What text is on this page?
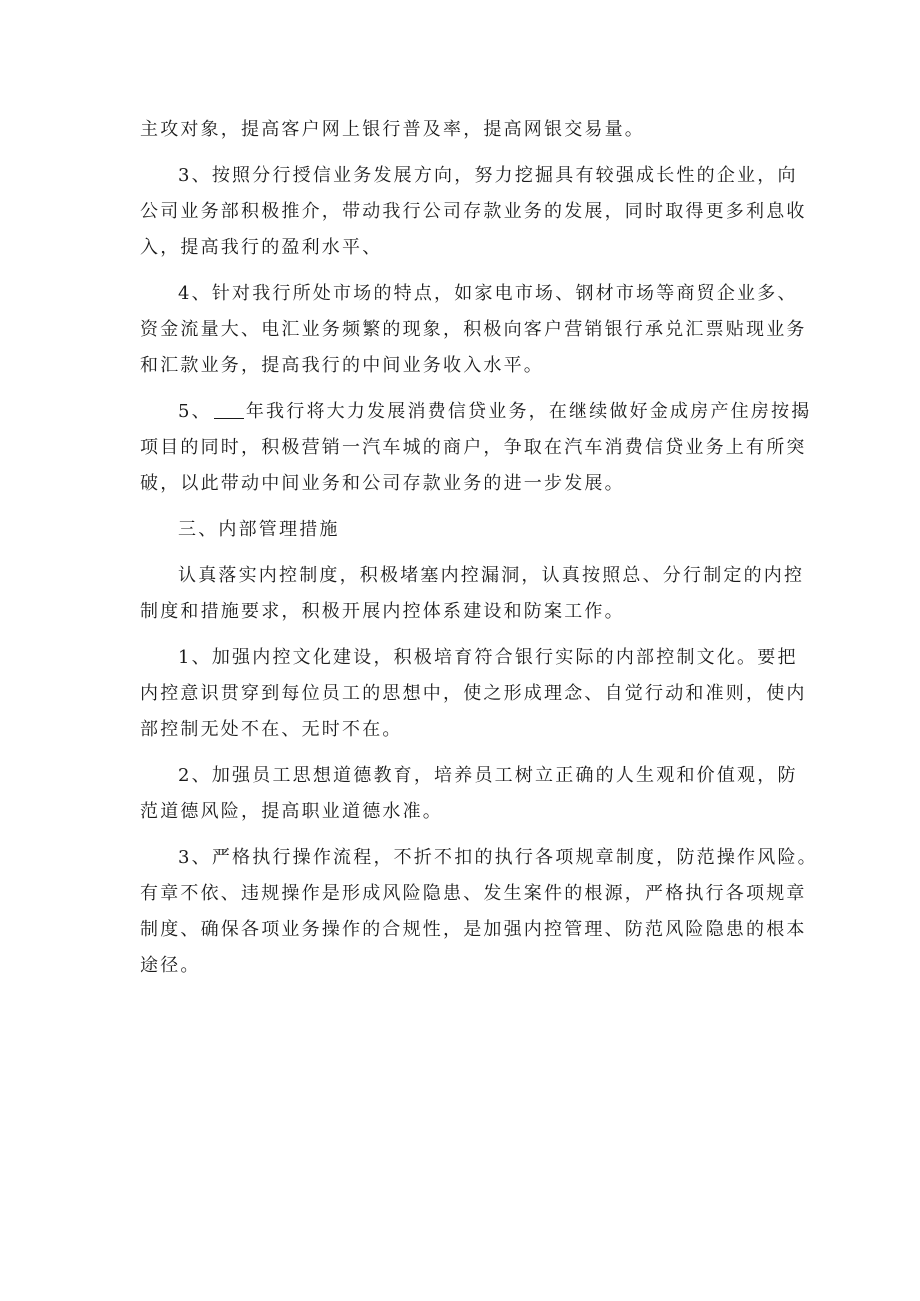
主攻对象，提高客户网上银行普及率，提高网银交易量。
3、按照分行授信业务发展方向，努力挖掘具有较强成长性的企业，向
公司业务部积极推介，带动我行公司存款业务的发展，同时取得更多利息收
入，提高我行的盈利水平、
4、针对我行所处市场的特点，如家电市场、钢材市场等商贸企业多、
资金流量大、电汇业务频繁的现象，积极向客户营销银行承兑汇票贴现业务
和汇款业务，提高我行的中间业务收入水平。
5、 年我行将大力发展消费信贷业务，在继续做好金成房产住房按揭
项目的同时，积极营销一汽车城的商户，争取在汽车消费信贷业务上有所突
破，以此带动中间业务和公司存款业务的进一步发展。
三、内部管理措施
认真落实内控制度，积极堵塞内控漏洞，认真按照总、分行制定的内控
制度和措施要求，积极开展内控体系建设和防案工作。
1、加强内控文化建设，积极培育符合银行实际的内部控制文化。要把
内控意识贯穿到每位员工的思想中，使之形成理念、自觉行动和准则，使内
部控制无处不在、无时不在。
2、加强员工思想道德教育，培养员工树立正确的人生观和价值观，防
范道德风险，提高职业道德水准。
3、严格执行操作流程，不折不扣的执行各项规章制度，防范操作风险。
有章不依、违规操作是形成风险隐患、发生案件的根源，严格执行各项规章
制度、确保各项业务操作的合规性，是加强内控管理、防范风险隐患的根本
途径。
